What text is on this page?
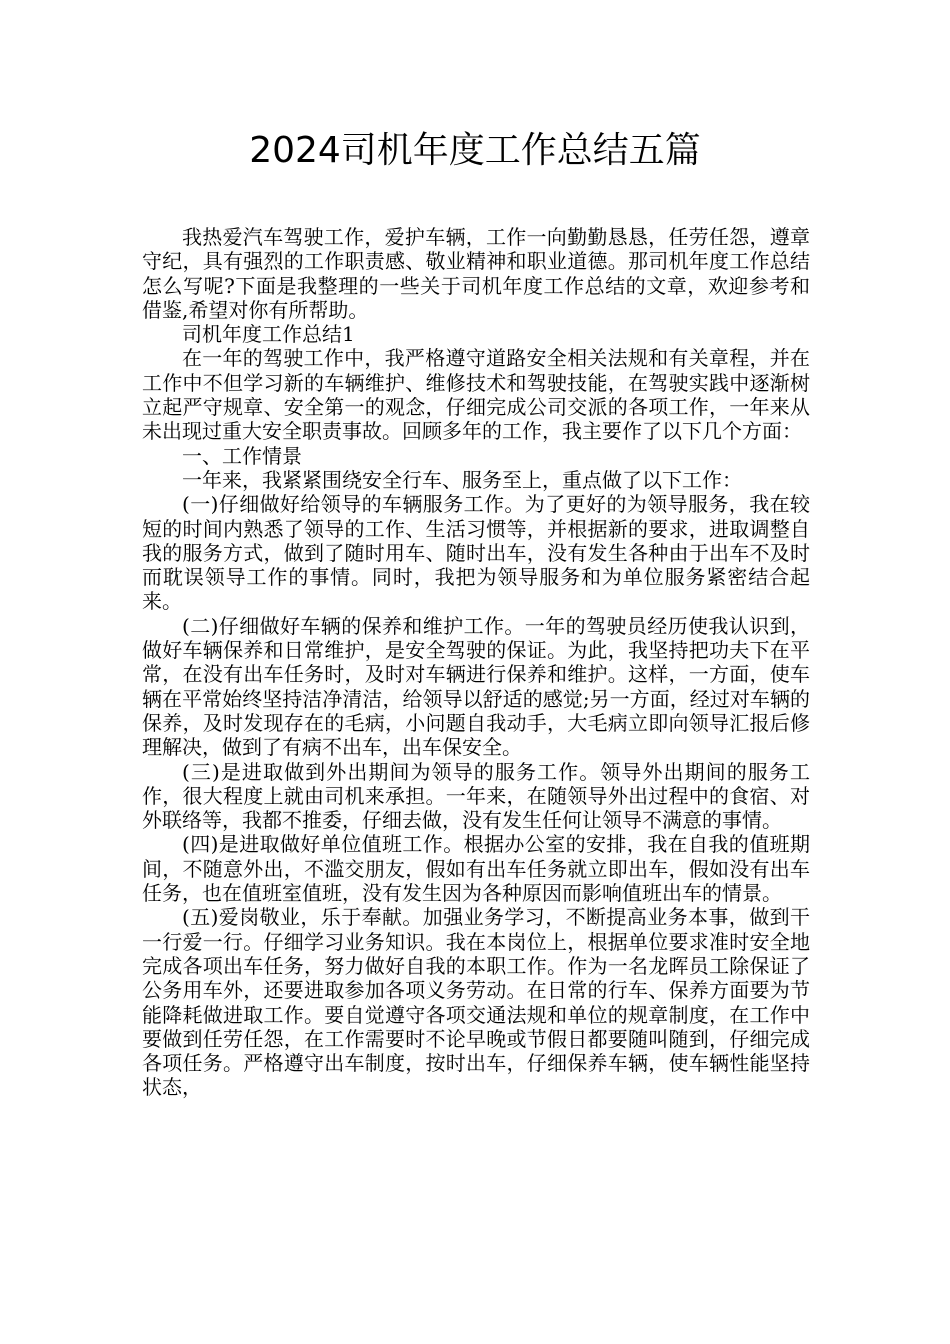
2024司机年度工作总结五篇

我热爱汽车驾驶工作，爱护车辆，工作一向勤勤恳恳，任劳任怨，遵章守纪，具有强烈的工作职责感、敬业精神和职业道德。那司机年度工作总结怎么写呢?下面是我整理的一些关于司机年度工作总结的文章，欢迎参考和借鉴,希望对你有所帮助。

司机年度工作总结1

在一年的驾驶工作中，我严格遵守道路安全相关法规和有关章程，并在工作中不但学习新的车辆维护、维修技术和驾驶技能，在驾驶实践中逐渐树立起严守规章、安全第一的观念，仔细完成公司交派的各项工作，一年来从未出现过重大安全职责事故。回顾多年的工作，我主要作了以下几个方面：

一、工作情景

一年来，我紧紧围绕安全行车、服务至上，重点做了以下工作：

(一)仔细做好给领导的车辆服务工作。为了更好的为领导服务，我在较短的时间内熟悉了领导的工作、生活习惯等，并根据新的要求，进取调整自我的服务方式，做到了随时用车、随时出车，没有发生各种由于出车不及时而耽误领导工作的事情。同时，我把为领导服务和为单位服务紧密结合起来。

(二)仔细做好车辆的保养和维护工作。一年的驾驶员经历使我认识到，做好车辆保养和日常维护，是安全驾驶的保证。为此，我坚持把功夫下在平常，在没有出车任务时，及时对车辆进行保养和维护。这样，一方面，使车辆在平常始终坚持洁净清洁，给领导以舒适的感觉;另一方面，经过对车辆的保养，及时发现存在的毛病，小问题自我动手，大毛病立即向领导汇报后修理解决，做到了有病不出车，出车保安全。

(三)是进取做到外出期间为领导的服务工作。领导外出期间的服务工作，很大程度上就由司机来承担。一年来，在随领导外出过程中的食宿、对外联络等，我都不推委，仔细去做，没有发生任何让领导不满意的事情。

(四)是进取做好单位值班工作。根据办公室的安排，我在自我的值班期间，不随意外出，不滥交朋友，假如有出车任务就立即出车，假如没有出车任务，也在值班室值班，没有发生因为各种原因而影响值班出车的情景。

(五)爱岗敬业，乐于奉献。加强业务学习，不断提高业务本事，做到干一行爱一行。仔细学习业务知识。我在本岗位上，根据单位要求准时安全地完成各项出车任务，努力做好自我的本职工作。作为一名龙晖员工除保证了公务用车外，还要进取参加各项义务劳动。在日常的行车、保养方面要为节能降耗做进取工作。要自觉遵守各项交通法规和单位的规章制度，在工作中要做到任劳任怨，在工作需要时不论早晚或节假日都要随叫随到，仔细完成各项任务。严格遵守出车制度，按时出车，仔细保养车辆，使车辆性能坚持状态，
